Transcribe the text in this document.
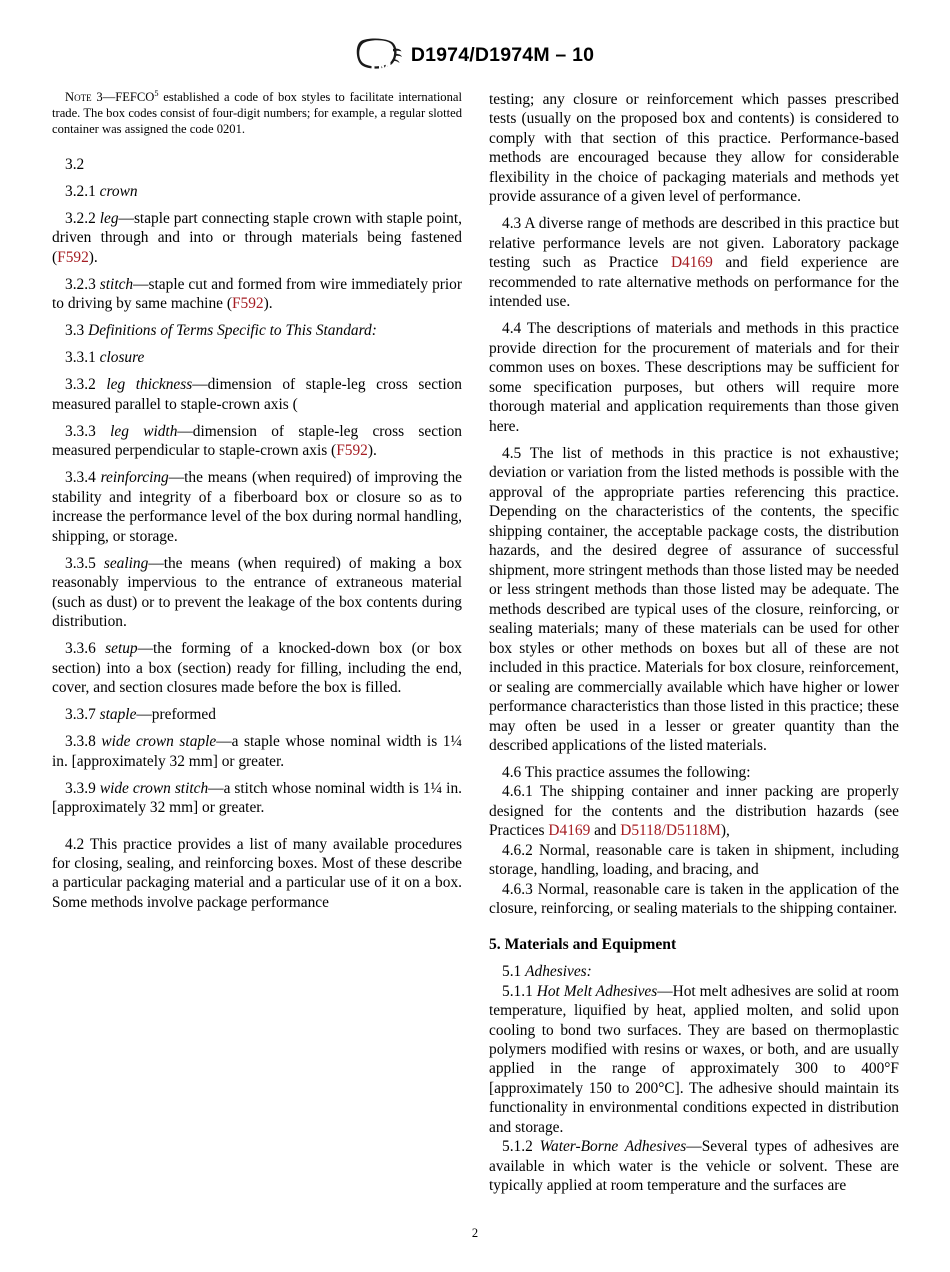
D1974/D1974M – 10

Note 3—FEFCO$^5$ established a code of box styles to facilitate international trade. The box codes consist of four-digit numbers; for example, a regular slotted container was assigned the code 0201.

3.2

3.2.1 crown

3.2.2 leg—staple part connecting staple crown with staple point, driven through and into or through materials being fastened (F592).

3.2.3 stitch—staple cut and formed from wire immediately prior to driving by same machine (F592).

3.3 Definitions of Terms Specific to This Standard:

3.3.1 closure

3.3.2 leg thickness—dimension of staple-leg cross section measured parallel to staple-crown axis (

3.3.3 leg width—dimension of staple-leg cross section measured perpendicular to staple-crown axis (F592).

3.3.4 reinforcing—the means (when required) of improving the stability and integrity of a fiberboard box or closure so as to increase the performance level of the box during normal handling, shipping, or storage.

3.3.5 sealing—the means (when required) of making a box reasonably impervious to the entrance of extraneous material (such as dust) or to prevent the leakage of the box contents during distribution.

3.3.6 setup—the forming of a knocked-down box (or box section) into a box (section) ready for filling, including the end, cover, and section closures made before the box is filled.

3.3.7 staple—preformed

3.3.8 wide crown staple—a staple whose nominal width is 1¼ in. [approximately 32 mm] or greater.

3.3.9 wide crown stitch—a stitch whose nominal width is 1¼ in. [approximately 32 mm] or greater.

4.2 This practice provides a list of many available procedures for closing, sealing, and reinforcing boxes. Most of these describe a particular packaging material and a particular use of it on a box. Some methods involve package performance

testing; any closure or reinforcement which passes prescribed tests (usually on the proposed box and contents) is considered to comply with that section of this practice. Performance-based methods are encouraged because they allow for considerable flexibility in the choice of packaging materials and methods yet provide assurance of a given level of performance.

4.3 A diverse range of methods are described in this practice but relative performance levels are not given. Laboratory package testing such as Practice D4169 and field experience are recommended to rate alternative methods on performance for the intended use.

4.4 The descriptions of materials and methods in this practice provide direction for the procurement of materials and for their common uses on boxes. These descriptions may be sufficient for some specification purposes, but others will require more thorough material and application requirements than those given here.

4.5 The list of methods in this practice is not exhaustive; deviation or variation from the listed methods is possible with the approval of the appropriate parties referencing this practice. Depending on the characteristics of the contents, the specific shipping container, the acceptable package costs, the distribution hazards, and the desired degree of assurance of successful shipment, more stringent methods than those listed may be needed or less stringent methods than those listed may be adequate. The methods described are typical uses of the closure, reinforcing, or sealing materials; many of these materials can be used for other box styles or other methods on boxes but all of these are not included in this practice. Materials for box closure, reinforcement, or sealing are commercially available which have higher or lower performance characteristics than those listed in this practice; these may often be used in a lesser or greater quantity than the described applications of the listed materials.

4.6 This practice assumes the following:

4.6.1 The shipping container and inner packing are properly designed for the contents and the distribution hazards (see Practices D4169 and D5118/D5118M),

4.6.2 Normal, reasonable care is taken in shipment, including storage, handling, loading, and bracing, and

4.6.3 Normal, reasonable care is taken in the application of the closure, reinforcing, or sealing materials to the shipping container.

5. Materials and Equipment

5.1 Adhesives:

5.1.1 Hot Melt Adhesives—Hot melt adhesives are solid at room temperature, liquified by heat, applied molten, and solid upon cooling to bond two surfaces. They are based on thermoplastic polymers modified with resins or waxes, or both, and are usually applied in the range of approximately 300 to 400°F [approximately 150 to 200°C]. The adhesive should maintain its functionality in environmental conditions expected in distribution and storage.

5.1.2 Water-Borne Adhesives—Several types of adhesives are available in which water is the vehicle or solvent. These are typically applied at room temperature and the surfaces are

2
